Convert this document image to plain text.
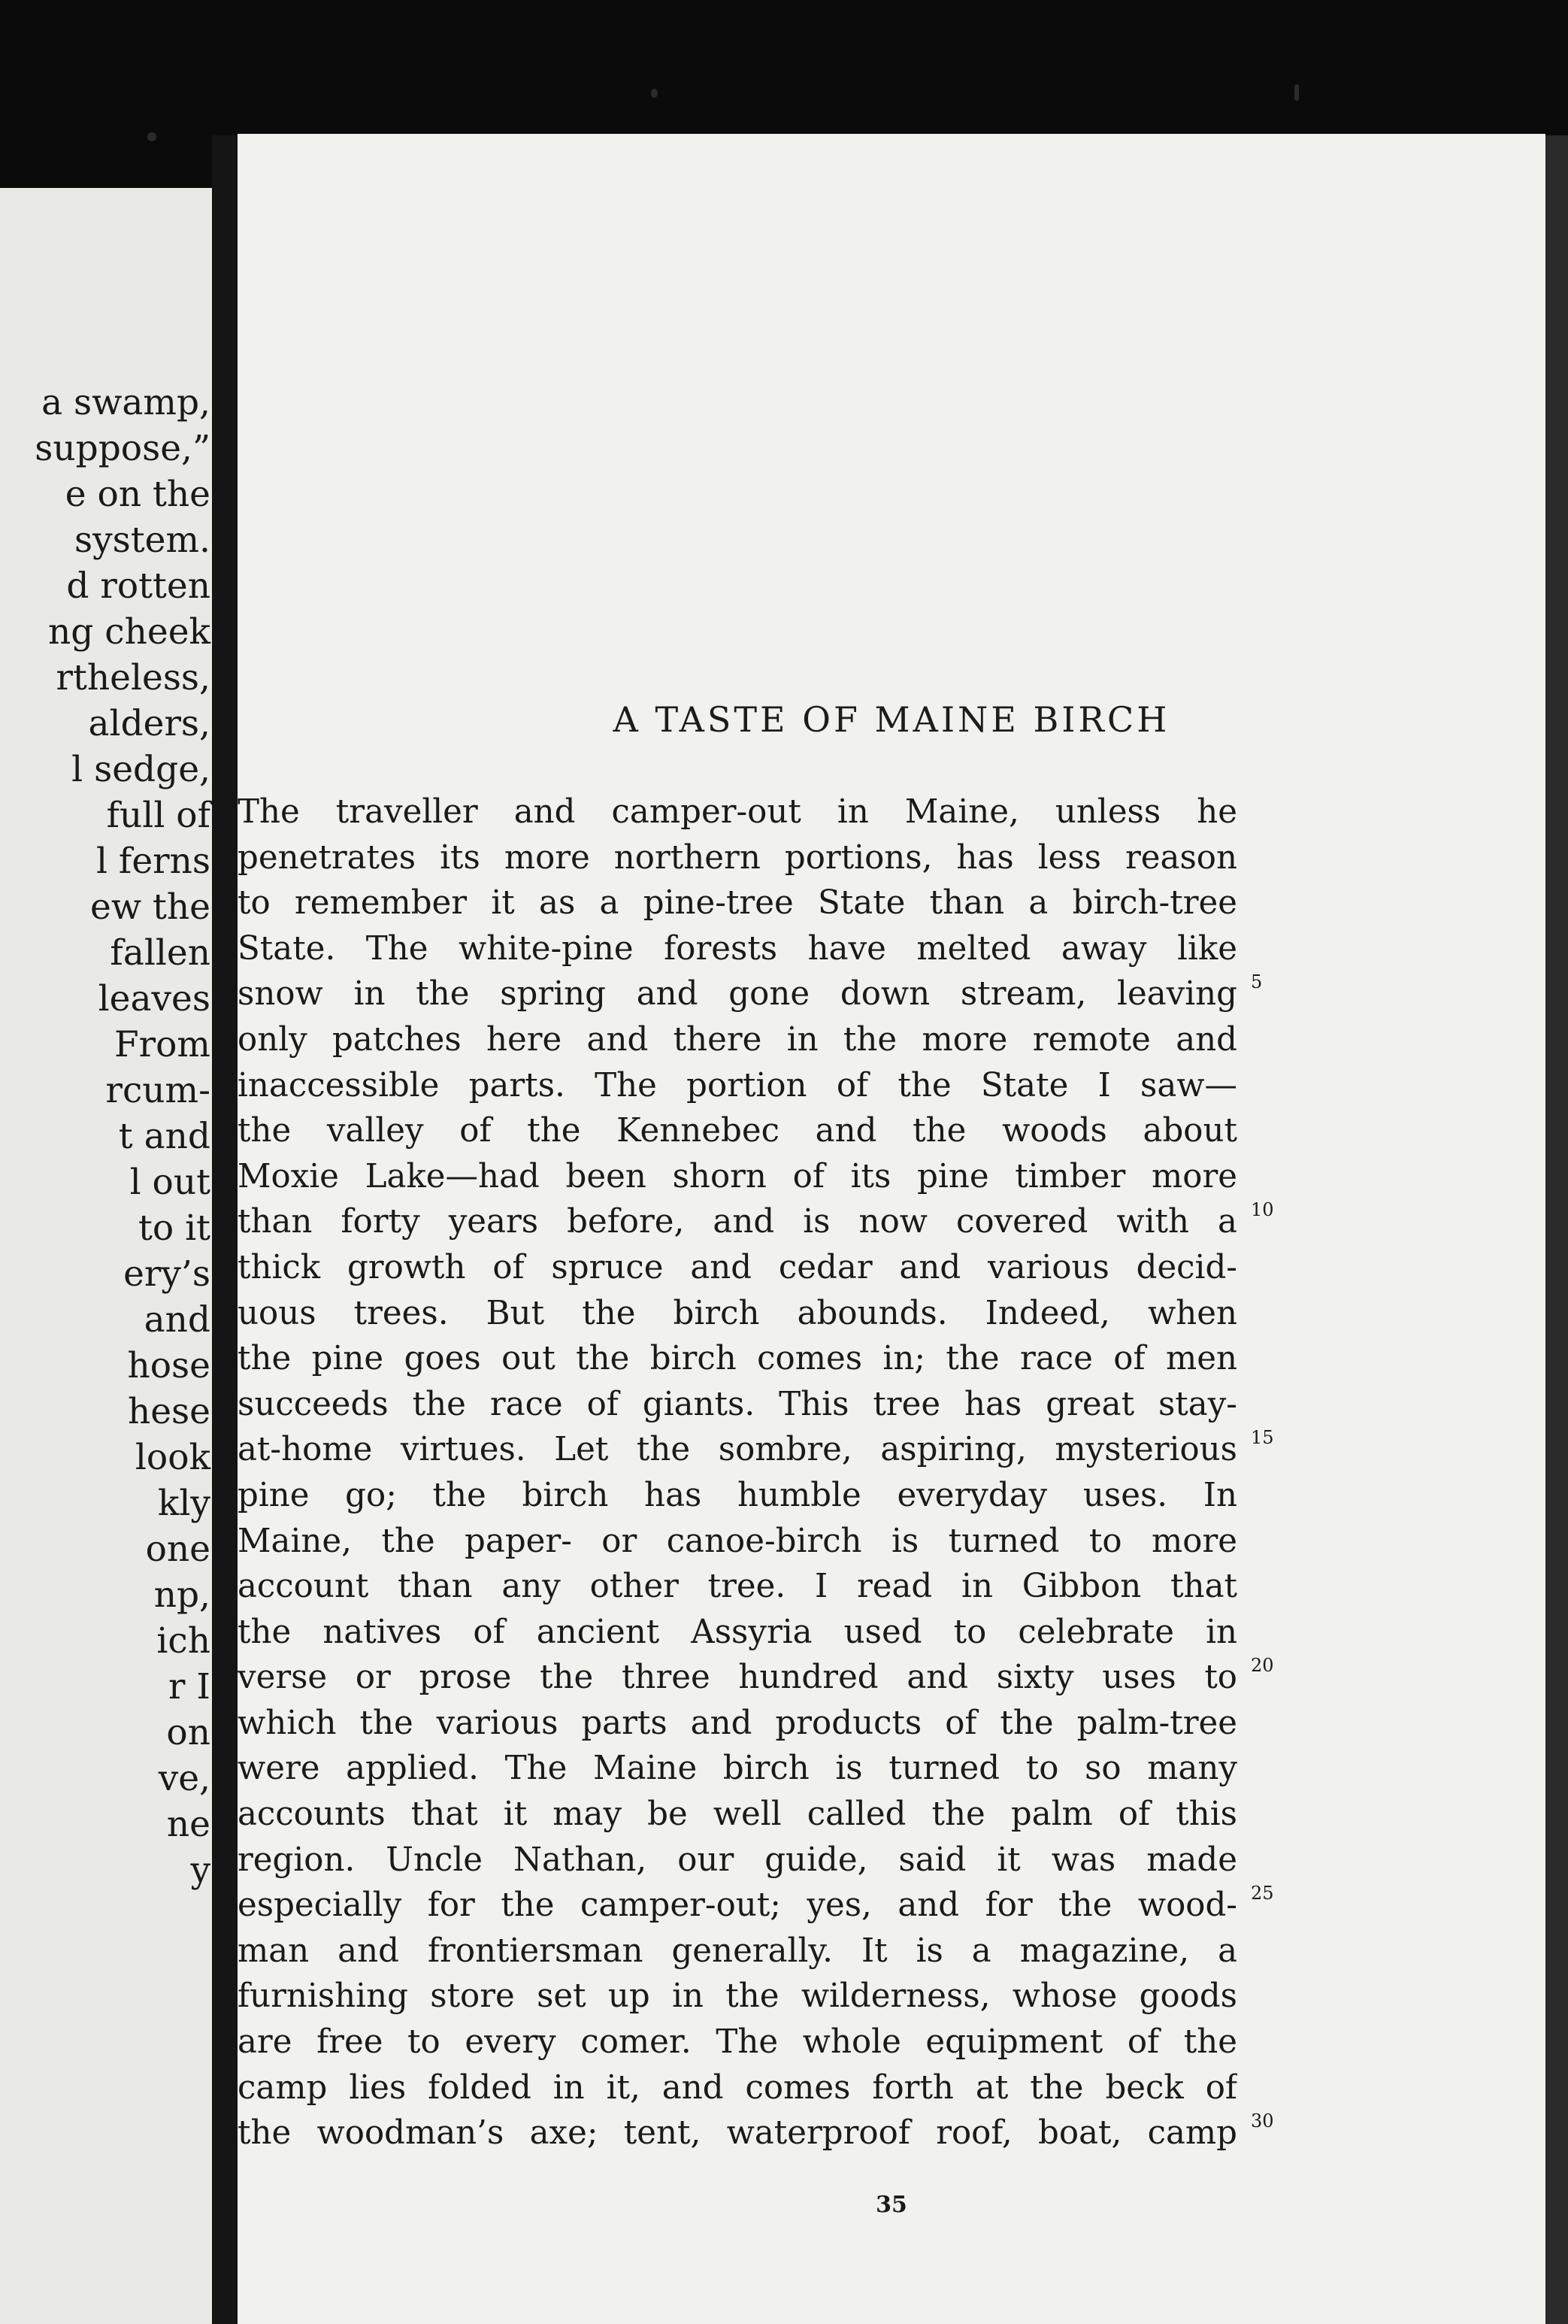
a swamp,
suppose,”
e on the
system.
d rotten
ng cheek
rtheless,
alders,
l sedge,
full of
l ferns
ew the
fallen
leaves
From
rcum-
t and
l out
to it
ery’s
and
hose
hese
look
kly
one
np,
ich
r I
on
ve,
ne
y
A TASTE OF MAINE BIRCH
The traveller and camper-out in Maine, unless he
penetrates its more northern portions, has less reason
to remember it as a pine-tree State than a birch-tree
State. The white-pine forests have melted away like
snow in the spring and gone down stream, leaving 5
only patches here and there in the more remote and
inaccessible parts. The portion of the State I saw—
the valley of the Kennebec and the woods about
Moxie Lake—had been shorn of its pine timber more
than forty years before, and is now covered with a 10
thick growth of spruce and cedar and various decid-
uous trees. But the birch abounds. Indeed, when
the pine goes out the birch comes in; the race of men
succeeds the race of giants. This tree has great stay-
at-home virtues. Let the sombre, aspiring, mysterious 15
pine go; the birch has humble everyday uses. In
Maine, the paper- or canoe-birch is turned to more
account than any other tree. I read in Gibbon that
the natives of ancient Assyria used to celebrate in
verse or prose the three hundred and sixty uses to 20
which the various parts and products of the palm-tree
were applied. The Maine birch is turned to so many
accounts that it may be well called the palm of this
region. Uncle Nathan, our guide, said it was made
especially for the camper-out; yes, and for the wood- 25
man and frontiersman generally. It is a magazine, a
furnishing store set up in the wilderness, whose goods
are free to every comer. The whole equipment of the
camp lies folded in it, and comes forth at the beck of
the woodman’s axe; tent, waterproof roof, boat, camp 30
35
